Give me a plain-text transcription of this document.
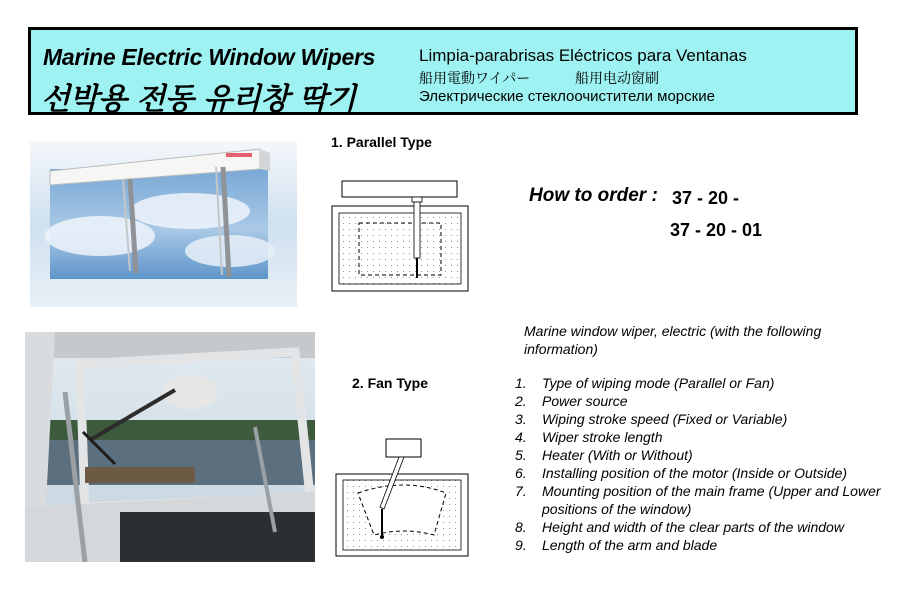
Marine Electric Window Wipers
선박용 전동 유리창 딱기
Limpia-parabrisas Eléctricos para Ventanas
船用電動ワイパー	船用电动窗刷
Электрические стеклоочистители морские
1. Parallel Type
2. Fan Type
How to order : 37 - 20 -
37 - 20 - 01
Marine window wiper, electric (with the following information)
1.	Type of wiping mode (Parallel or Fan)
2.	Power source
3.	Wiping stroke speed (Fixed or Variable)
4.	Wiper stroke length
5.	Heater (With or Without)
6.	Installing position of the motor (Inside or Outside)
7.	Mounting position of the main frame (Upper and Lower positions of the window)
8.	Height and width of the clear parts of the window
9.	Length of the arm and blade
